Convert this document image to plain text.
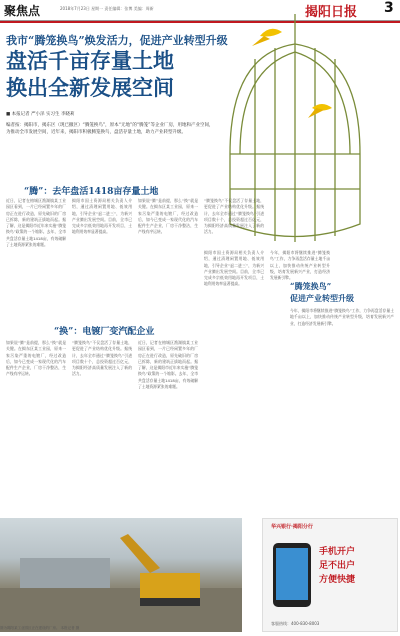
聚焦点	2018年7月23日 星期一 责任编辑：张博 美编：周新	揭阳日报 3
我市“腾笼换鸟”焕发活力，促进产业转型升级
盘活千亩存量土地
换出全新发展空间
■ 本报记者 严小泽 实习生 李晓莉
编者按：揭阳市，揭东区（现已撤区）“腾笼换鸟”，原本“无地”的“腾笼”等企业厂房，用地和产业空间，为推动全市发展空间，近年来，揭阳市积极腾笼换鸟，盘活存量土地，助力产业转型升级。
“腾”：去年盘活1418亩存量土地
“换”：电镀厂变汽配企业
“腾笼换鸟”
促进产业转型升级
近日，记者在榕城区渔湖镇某工业园区看到，一片已经闲置多年的厂房正在进行改造，原先破旧的厂房已拆除，新的建筑正拔地而起。据了解，这是揭阳市近年来实施“腾笼换鸟”政策的一个缩影。去年，全市共盘活存量土地1418亩，有效破解了土地资源紧张的难题。
揭阳市国土资源局相关负责人介绍，通过清理闲置用地、低效用地，引导企业“退二进三”，为新兴产业腾出发展空间。目前，全市已完成多宗低效用地再开发项目，土地利用效率显著提高。
如果说“腾”是前提，那么“换”就是关键。在揭东区某工业园，原来一家污染严重的电镀厂，经过改造后，如今已变成一家现代化的汽车配件生产企业，厂房干净整洁，生产线有序运转。
“腾笼换鸟”不仅盘活了存量土地，更促进了产业结构优化升级。据统计，去年全市通过“腾笼换鸟”引进项目数十个，总投资超过百亿元，为揭阳经济高质量发展注入了新的活力。
如果说“腾”是前提，那么“换”就是关键。在揭东区某工业园，原来一家污染严重的电镀厂，经过改造后，如今已变成一家现代化的汽车配件生产企业，厂房干净整洁，生产线有序运转。
“腾笼换鸟”不仅盘活了存量土地，更促进了产业结构优化升级。据统计，去年全市通过“腾笼换鸟”引进项目数十个，总投资超过百亿元，为揭阳经济高质量发展注入了新的活力。
近日，记者在榕城区渔湖镇某工业园区看到，一片已经闲置多年的厂房正在进行改造，原先破旧的厂房已拆除，新的建筑正拔地而起。据了解，这是揭阳市近年来实施“腾笼换鸟”政策的一个缩影。去年，全市共盘活存量土地1418亩，有效破解了土地资源紧张的难题。
揭阳市国土资源局相关负责人介绍，通过清理闲置用地、低效用地，引导企业“退二进三”，为新兴产业腾出发展空间。目前，全市已完成多宗低效用地再开发项目，土地利用效率显著提高。
今年，揭阳市将继续推进“腾笼换鸟”工作，力争再盘活存量土地千亩以上，加快推动传统产业转型升级，培育发展新兴产业，打造经济发展新引擎。
今年，揭阳市将继续推进“腾笼换鸟”工作，力争再盘活存量土地千亩以上，加快推动传统产业转型升级，培育发展新兴产业，打造经济发展新引擎。
图为揭阳某工业园区正在建设的厂房。 本报记者 摄
华兴银行·揭阳分行
手机开户
足不出户
方便快捷
客服热线：400-830-8003
